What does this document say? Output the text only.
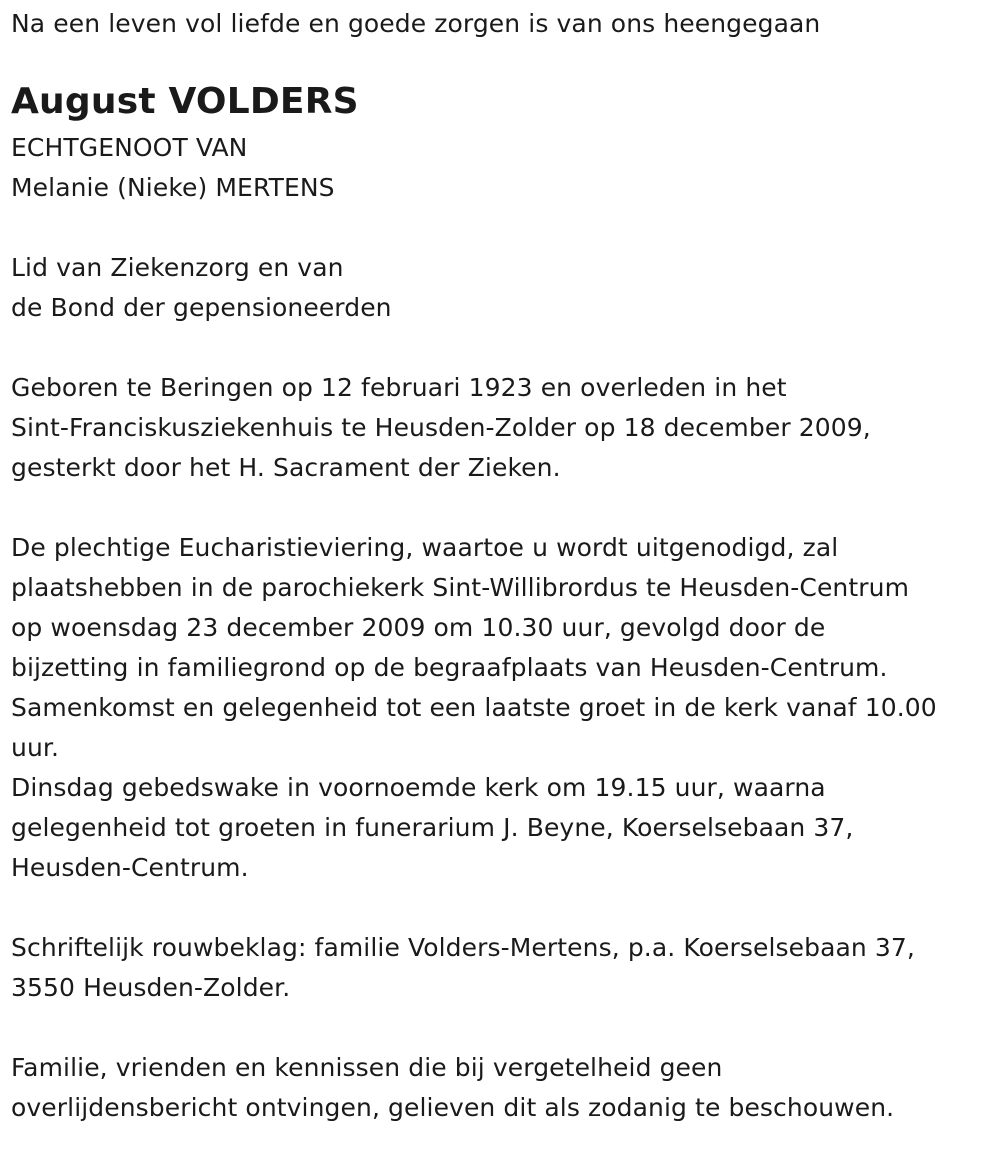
Na een leven vol liefde en goede zorgen is van ons heengegaan
August VOLDERS
ECHTGENOOT VAN
Melanie (Nieke) MERTENS
Lid van Ziekenzorg en van
de Bond der gepensioneerden
Geboren te Beringen op 12 februari 1923 en overleden in het
Sint-Franciskusziekenhuis te Heusden-Zolder op 18 december 2009,
gesterkt door het H. Sacrament der Zieken.
De plechtige Eucharistieviering, waartoe u wordt uitgenodigd, zal
plaatshebben in de parochiekerk Sint-Willibrordus te Heusden-Centrum
op woensdag 23 december 2009 om 10.30 uur, gevolgd door de
bijzetting in familiegrond op de begraafplaats van Heusden-Centrum.
Samenkomst en gelegenheid tot een laatste groet in de kerk vanaf 10.00
uur.
Dinsdag gebedswake in voornoemde kerk om 19.15 uur, waarna
gelegenheid tot groeten in funerarium J. Beyne, Koerselsebaan 37,
Heusden-Centrum.
Schriftelijk rouwbeklag: familie Volders-Mertens, p.a. Koerselsebaan 37,
3550 Heusden-Zolder.
Familie, vrienden en kennissen die bij vergetelheid geen
overlijdensbericht ontvingen, gelieven dit als zodanig te beschouwen.
